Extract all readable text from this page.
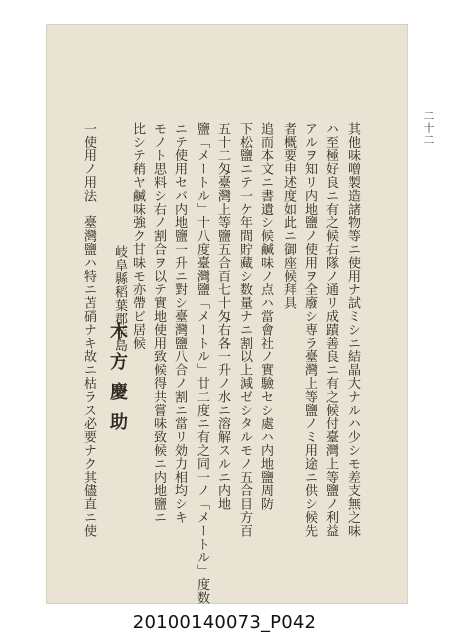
二十二
其他味噌製造諸物等ニ使用ナ試ミシニ結晶大ナルハ少シモ差支無之味
ハ至極好良ニ有之候右隊ノ通リ成蹟善良ニ有之候付臺灣上等鹽ノ利益
アルヲ知リ内地鹽ノ使用ヲ全廢シ専ラ臺灣上等鹽ノミ用途ニ供シ候先
者概要申述度如此ニ御座候拜具
追而本文ニ書遺シ候鹹味ノ点ハ當會社ノ實驗セシ處ハ内地鹽周防
下松鹽ニテ一ケ年間貯藏シ数量ナニ割以上減ゼシタルモノ五合目方百
五十二匁臺灣上等鹽五合百七十匁右各一升ノ水ニ溶解スルニ内地
鹽「メートル」十八度臺灣鹽「メートル」廿二度ニ有之同一ノ「メートル」度数
ニテ使用セバ内地鹽一升ニ對シ臺灣鹽八合ノ割ニ當リ効力相均シキ
モノト思料シ右ノ割合ヲ以テ實地使用致候得共嘗味致候ニ内地鹽ニ
比シテ稍ヤ鹹味強ク甘味モ亦帶ビ居候
一使用ノ用法　臺灣鹽ハ特ニ苫硝ナキ故ニ枯ラス必要ナク其儘直ニ使 岐阜縣稻葉郡芋島
木方慶助
20100140073_P042
